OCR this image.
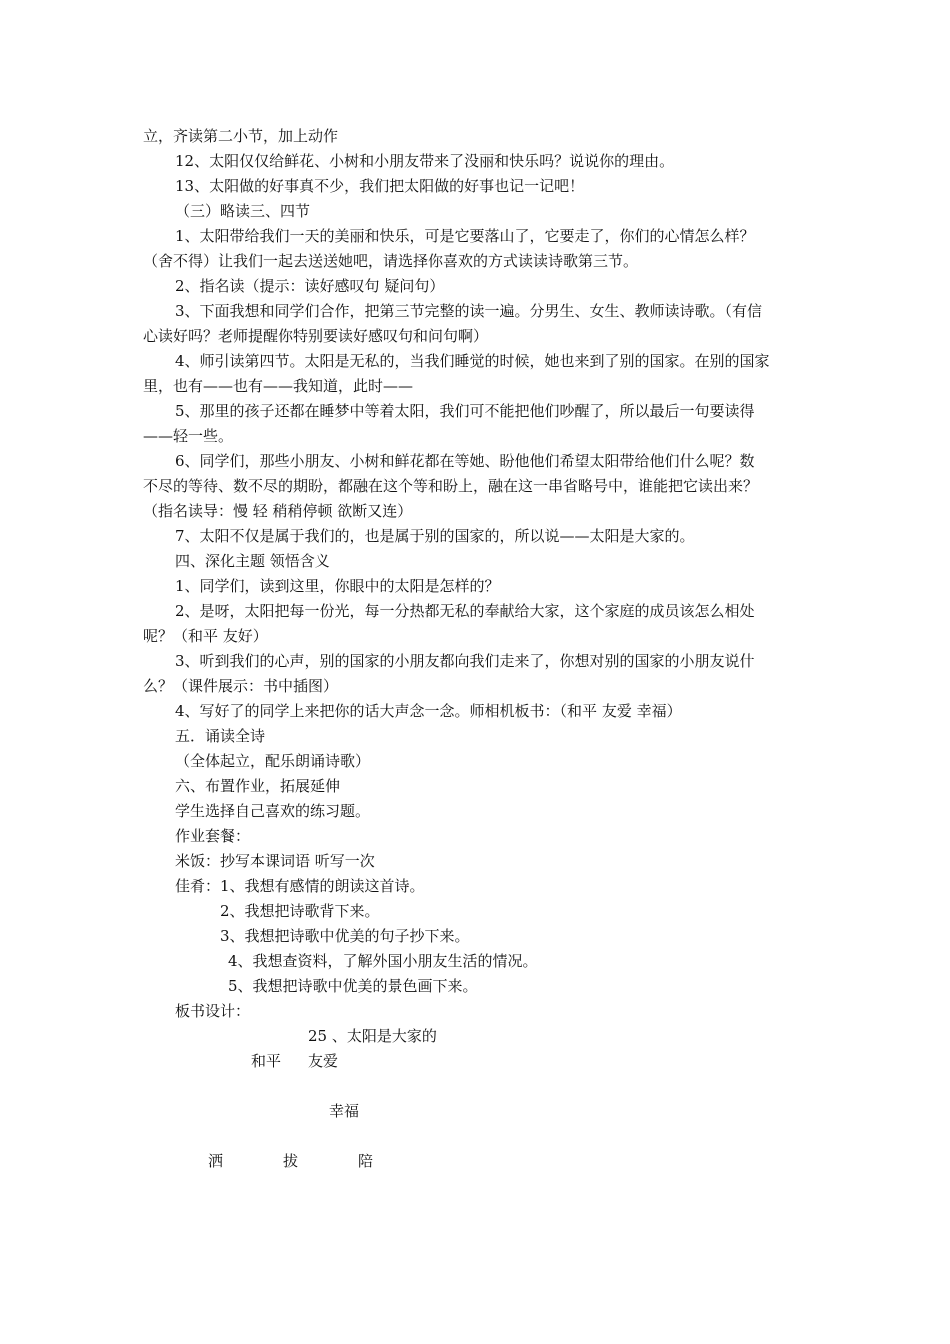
立，齐读第二小节，加上动作
12、太阳仅仅给鲜花、小树和小朋友带来了没丽和快乐吗？说说你的理由。
13、太阳做的好事真不少，我们把太阳做的好事也记一记吧！
（三）略读三、四节
1、太阳带给我们一天的美丽和快乐，可是它要落山了，它要走了，你们的心情怎么样？
（舍不得）让我们一起去送送她吧，请选择你喜欢的方式读读诗歌第三节。
2、指名读（提示：读好感叹句 疑问句）
3、下面我想和同学们合作，把第三节完整的读一遍。分男生、女生、教师读诗歌。（有信
心读好吗？老师提醒你特别要读好感叹句和问句啊）
4、师引读第四节。太阳是无私的，当我们睡觉的时候，她也来到了别的国家。在别的国家
里，也有——也有——我知道，此时——
5、那里的孩子还都在睡梦中等着太阳，我们可不能把他们吵醒了，所以最后一句要读得
——轻一些。
6、同学们，那些小朋友、小树和鲜花都在等她、盼他他们希望太阳带给他们什么呢？数
不尽的等待、数不尽的期盼，都融在这个等和盼上，融在这一串省略号中，谁能把它读出来？
（指名读导：慢 轻 稍稍停顿 欲断又连）
7、太阳不仅是属于我们的，也是属于别的国家的，所以说——太阳是大家的。
四、深化主题 领悟含义
1、同学们，读到这里，你眼中的太阳是怎样的？
2、是呀，太阳把每一份光，每一分热都无私的奉献给大家，这个家庭的成员该怎么相处
呢？（和平 友好）
3、听到我们的心声，别的国家的小朋友都向我们走来了，你想对别的国家的小朋友说什
么？（课件展示：书中插图）
4、写好了的同学上来把你的话大声念一念。师相机板书：（和平 友爱 幸福）
五．诵读全诗
（全体起立，配乐朗诵诗歌）
六、布置作业，拓展延伸
学生选择自己喜欢的练习题。
作业套餐：
米饭：抄写本课词语 听写一次
佳肴：1、我想有感情的朗读这首诗。
2、我想把诗歌背下来。
3、我想把诗歌中优美的句子抄下来。
4、我想查资料，了解外国小朋友生活的情况。
5、我想把诗歌中优美的景色画下来。
板书设计：
25 、太阳是大家的
和平 友爱
幸福
洒	拔	陪
